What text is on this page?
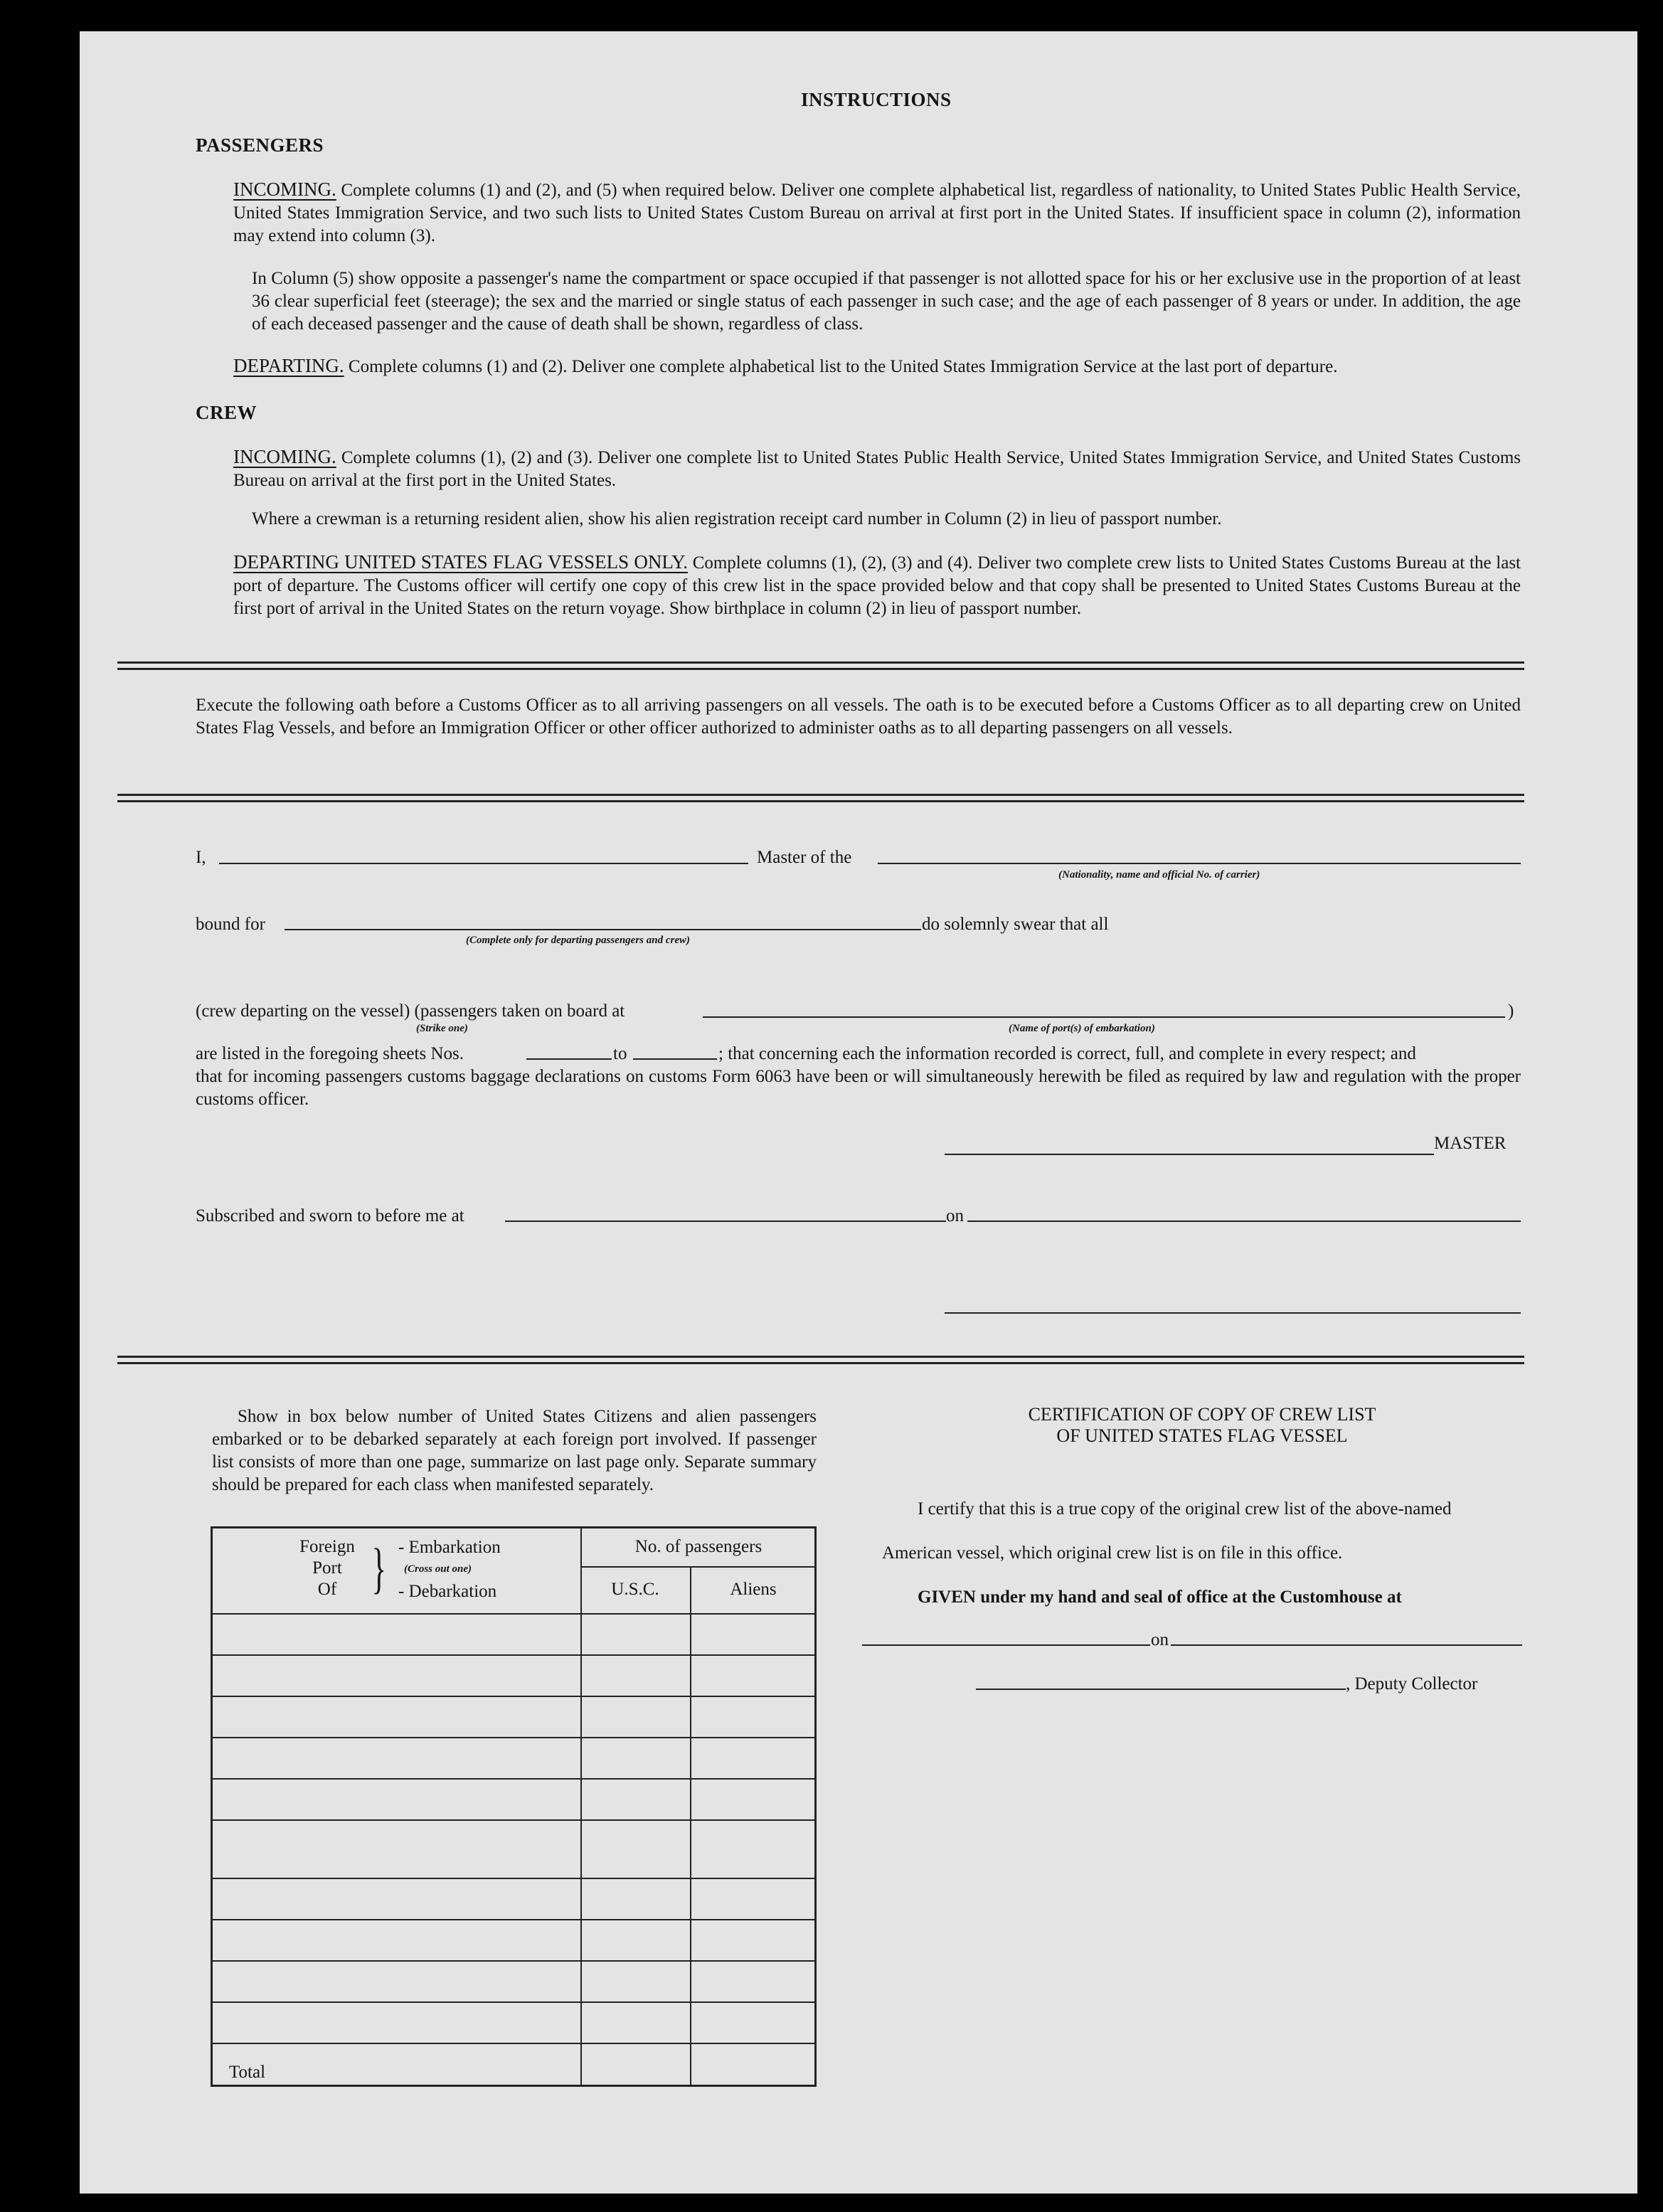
INSTRUCTIONS
PASSENGERS
INCOMING. Complete columns (1) and (2), and (5) when required below. Deliver one complete alphabetical list, regardless of nationality, to United States Public Health Service, United States Immigration Service, and two such lists to United States Custom Bureau on arrival at first port in the United States. If insufficient space in column (2), information may extend into column (3).
In Column (5) show opposite a passenger's name the compartment or space occupied if that passenger is not allotted space for his or her exclusive use in the proportion of at least 36 clear superficial feet (steerage); the sex and the married or single status of each passenger in such case; and the age of each passenger of 8 years or under. In addition, the age of each deceased passenger and the cause of death shall be shown, regardless of class.
DEPARTING. Complete columns (1) and (2). Deliver one complete alphabetical list to the United States Immigration Service at the last port of departure.
CREW
INCOMING. Complete columns (1), (2) and (3). Deliver one complete list to United States Public Health Service, United States Immigration Service, and United States Customs Bureau on arrival at the first port in the United States.
Where a crewman is a returning resident alien, show his alien registration receipt card number in Column (2) in lieu of passport number.
DEPARTING UNITED STATES FLAG VESSELS ONLY. Complete columns (1), (2), (3) and (4). Deliver two complete crew lists to United States Customs Bureau at the last port of departure. The Customs officer will certify one copy of this crew list in the space provided below and that copy shall be presented to United States Customs Bureau at the first port of arrival in the United States on the return voyage. Show birthplace in column (2) in lieu of passport number.
Execute the following oath before a Customs Officer as to all arriving passengers on all vessels. The oath is to be executed before a Customs Officer as to all departing crew on United States Flag Vessels, and before an Immigration Officer or other officer authorized to administer oaths as to all departing passengers on all vessels.
I,	Master of the
(Nationality, name and official No. of carrier)
bound for
(Complete only for departing passengers and crew)
do solemnly swear that all
(crew departing on the vessel) (passengers taken on board at	)
(Strike one)	(Name of port(s) of embarkation)
are listed in the foregoing sheets Nos.	to	; that concerning each the information recorded is correct, full, and complete in every respect; and
that for incoming passengers customs baggage declarations on customs Form 6063 have been or will simultaneously herewith be filed as required by law and regulation with the proper customs officer.
MASTER
Subscribed and sworn to before me at	on
Show in box below number of United States Citizens and alien passengers embarked or to be debarked separately at each foreign port involved. If passenger list consists of more than one page, summarize on last page only. Separate summary should be prepared for each class when manifested separately.
Foreign
Port
Of } - Embarkation
(Cross out one)
- Debarkation
No. of passengers
U.S.C.	Aliens
Total
CERTIFICATION OF COPY OF CREW LIST
OF UNITED STATES FLAG VESSEL
I certify that this is a true copy of the original crew list of the above-named
American vessel, which original crew list is on file in this office.
GIVEN under my hand and seal of office at the Customhouse at
on
, Deputy Collector
